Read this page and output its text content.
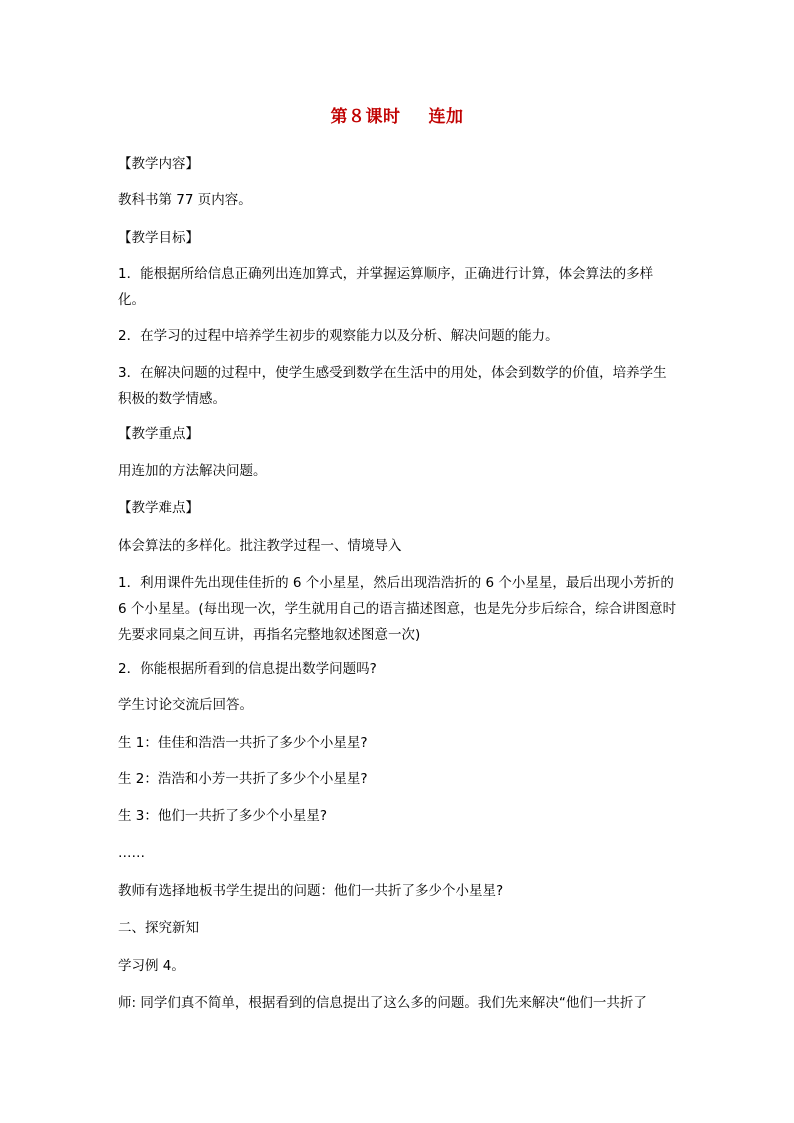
第８课时 连加
【教学内容】
教科书第 77 页内容。
【教学目标】
1．能根据所给信息正确列出连加算式，并掌握运算顺序，正确进行计算，体会算法的多样化。
2．在学习的过程中培养学生初步的观察能力以及分析、解决问题的能力。
3．在解决问题的过程中，使学生感受到数学在生活中的用处，体会到数学的价值，培养学生积极的数学情感。
【教学重点】
用连加的方法解决问题。
【教学难点】
体会算法的多样化。批注教学过程一、情境导入
1．利用课件先出现佳佳折的 6 个小星星，然后出现浩浩折的 6 个小星星，最后出现小芳折的 6 个小星星。(每出现一次，学生就用自己的语言描述图意，也是先分步后综合，综合讲图意时先要求同桌之间互讲，再指名完整地叙述图意一次)
2．你能根据所看到的信息提出数学问题吗?
学生讨论交流后回答。
生 1：佳佳和浩浩一共折了多少个小星星?
生 2：浩浩和小芳一共折了多少个小星星?
生 3：他们一共折了多少个小星星?
……
教师有选择地板书学生提出的问题：他们一共折了多少个小星星?
二、探究新知
学习例 4。
师: 同学们真不简单，根据看到的信息提出了这么多的问题。我们先来解决“他们一共折了
